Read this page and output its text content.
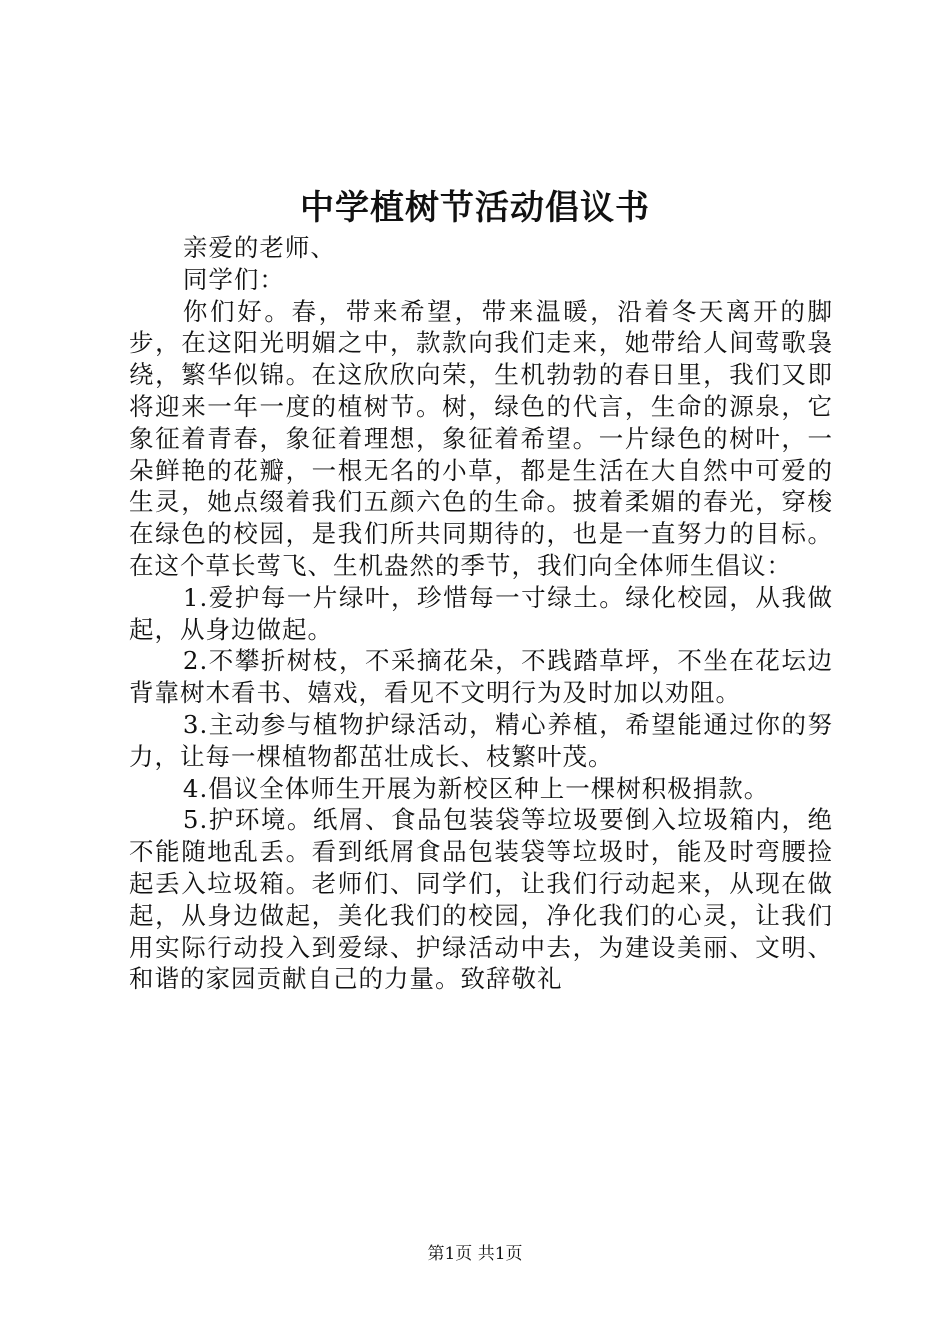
中学植树节活动倡议书

亲爱的老师、

同学们：

你们好。春，带来希望，带来温暖，沿着冬天离开的脚步，在这阳光明媚之中，款款向我们走来，她带给人间莺歌袅绕，繁华似锦。在这欣欣向荣，生机勃勃的春日里，我们又即将迎来一年一度的植树节。树，绿色的代言，生命的源泉，它象征着青春，象征着理想，象征着希望。一片绿色的树叶，一朵鲜艳的花瓣，一根无名的小草，都是生活在大自然中可爱的生灵，她点缀着我们五颜六色的生命。披着柔媚的春光，穿梭在绿色的校园，是我们所共同期待的，也是一直努力的目标。在这个草长莺飞、生机盎然的季节，我们向全体师生倡议：

1.爱护每一片绿叶，珍惜每一寸绿土。绿化校园，从我做起，从身边做起。

2.不攀折树枝，不采摘花朵，不践踏草坪，不坐在花坛边背靠树木看书、嬉戏，看见不文明行为及时加以劝阻。

3.主动参与植物护绿活动，精心养植，希望能通过你的努力，让每一棵植物都茁壮成长、枝繁叶茂。

4.倡议全体师生开展为新校区种上一棵树积极捐款。

5.护环境。纸屑、食品包装袋等垃圾要倒入垃圾箱内，绝不能随地乱丢。看到纸屑食品包装袋等垃圾时，能及时弯腰捡起丢入垃圾箱。老师们、同学们，让我们行动起来，从现在做起，从身边做起，美化我们的校园，净化我们的心灵，让我们用实际行动投入到爱绿、护绿活动中去，为建设美丽、文明、和谐的家园贡献自己的力量。致辞敬礼

第1页 共1页
